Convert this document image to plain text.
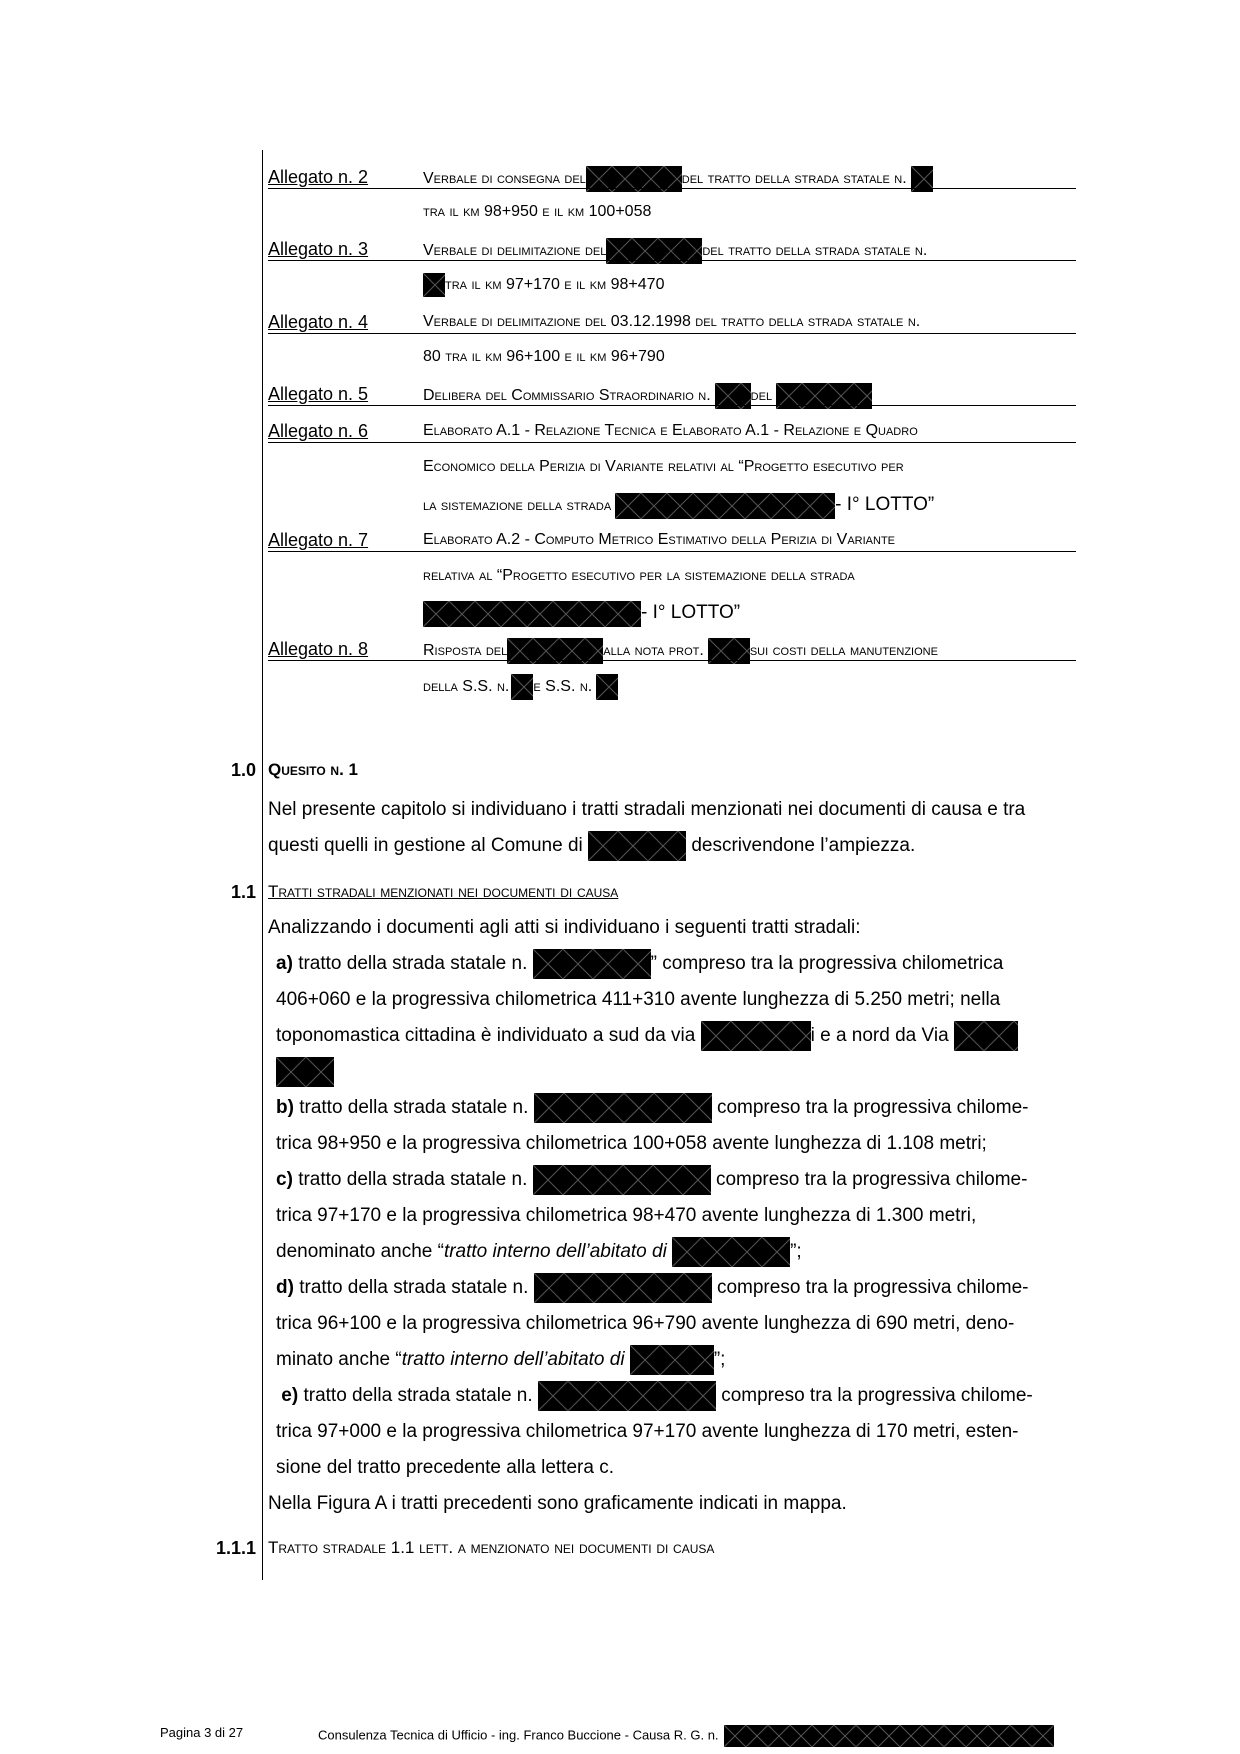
Allegato n. 2	Verbale di consegna del	del tratto della strada statale n.
tra il km 98+950 e il km 100+058
Allegato n. 3	Verbale di delimitazione del	del tratto della strada statale n.
tra il km 97+170 e il km 98+470
Allegato n. 4	Verbale di delimitazione del 03.12.1998 del tratto della strada statale n.
80 tra il km 96+100 e il km 96+790
Allegato n. 5	Delibera del Commissario Straordinario n.	del
Allegato n. 6	Elaborato A.1 - Relazione Tecnica e Elaborato A.1 - Relazione e Quadro
Economico della Perizia di Variante relativi al “Progetto esecutivo per
la sistemazione della strada	- I° LOTTO”
Allegato n. 7	Elaborato A.2 - Computo Metrico Estimativo della Perizia di Variante
relativa al “Progetto esecutivo per la sistemazione della strada
- I° LOTTO”
Allegato n. 8	Risposta del	alla nota prot.	sui costi della manutenzione
della S.S. n. e S.S. n.
1.0 Quesito n. 1
Nel presente capitolo si individuano i tratti stradali menzionati nei documenti di causa e tra
questi quelli in gestione al Comune di	descrivendone l’ampiezza.
1.1 Tratti stradali menzionati nei documenti di causa
Analizzando i documenti agli atti si individuano i seguenti tratti stradali:
a) tratto della strada statale n.	” compreso tra la progressiva chilometrica
406+060 e la progressiva chilometrica 411+310 avente lunghezza di 5.250 metri; nella
toponomastica cittadina è individuato a sud da via	i e a nord da Via
b) tratto della strada statale n.	compreso tra la progressiva chilome-
trica 98+950 e la progressiva chilometrica 100+058 avente lunghezza di 1.108 metri;
c) tratto della strada statale n.	compreso tra la progressiva chilome-
trica 97+170 e la progressiva chilometrica 98+470 avente lunghezza di 1.300 metri,
denominato anche “tratto interno dell’abitato di	”;
d) tratto della strada statale n.	compreso tra la progressiva chilome-
trica 96+100 e la progressiva chilometrica 96+790 avente lunghezza di 690 metri, deno-
minato anche “tratto interno dell’abitato di	”;
e) tratto della strada statale n.	compreso tra la progressiva chilome-
trica 97+000 e la progressiva chilometrica 97+170 avente lunghezza di 170 metri, esten-
sione del tratto precedente alla lettera c.
Nella Figura A i tratti precedenti sono graficamente indicati in mappa.
1.1.1 Tratto stradale 1.1 lett. a menzionato nei documenti di causa
Pagina 3 di 27	Consulenza Tecnica di Ufficio - ing. Franco Buccione - Causa R. G. n.
